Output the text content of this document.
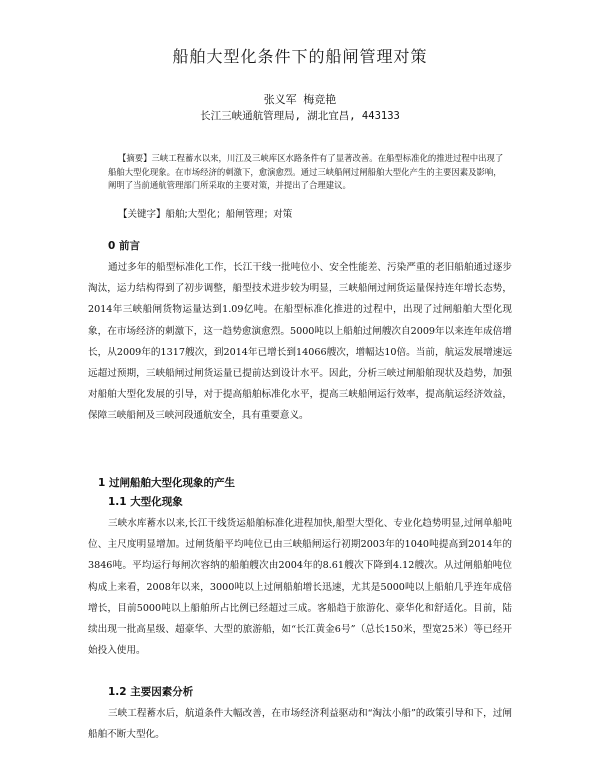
船舶大型化条件下的船闸管理对策
张义军 梅竞艳
长江三峡通航管理局, 湖北宜昌, 443133
【摘要】三峡工程蓄水以来，川江及三峡库区水路条件有了显著改善。在船型标准化的推进过程中出现了船舶大型化现象。在市场经济的刺激下，愈演愈烈。通过三峡船闸过闸船舶大型化产生的主要因素及影响，阐明了当前通航管理部门所采取的主要对策，并提出了合理建议。
【关键字】船舶;大型化；船闸管理；对策
0 前言
通过多年的船型标准化工作，长江干线一批吨位小、安全性能差、污染严重的老旧船舶通过逐步淘汰，运力结构得到了初步调整，船型技术进步较为明显，三峡船闸过闸货运量保持连年增长态势，2014年三峡船闸货物运量达到1.09亿吨。在船型标准化推进的过程中，出现了过闸船舶大型化现象，在市场经济的刺激下，这一趋势愈演愈烈。5000吨以上船舶过闸艘次自2009年以来连年成倍增长，从2009年的1317艘次，到2014年已增长到14066艘次，增幅达10倍。当前，航运发展增速远远超过预期，三峡船闸过闸货运量已提前达到设计水平。因此，分析三峡过闸船舶现状及趋势，加强对船舶大型化发展的引导，对于提高船舶标准化水平，提高三峡船闸运行效率，提高航运经济效益，保障三峡船闸及三峡河段通航安全，具有重要意义。
1 过闸船舶大型化现象的产生
1.1 大型化现象
三峡水库蓄水以来,长江干线货运船舶标准化进程加快,船型大型化、专业化趋势明显,过闸单船吨位、主尺度明显增加。过闸货船平均吨位已由三峡船闸运行初期2003年的1040吨提高到2014年的3846吨。平均运行每闸次容纳的船舶艘次由2004年的8.61艘次下降到4.12艘次。从过闸船舶吨位构成上来看，2008年以来，3000吨以上过闸船舶增长迅速，尤其是5000吨以上船舶几乎连年成倍增长，目前5000吨以上船舶所占比例已经超过三成。客船趋于旅游化、豪华化和舒适化。目前，陆续出现一批高星级、超豪华、大型的旅游船，如“长江黄金6号”（总长150米，型宽25米）等已经开始投入使用。
1.2 主要因素分析
三峡工程蓄水后，航道条件大幅改善，在市场经济利益驱动和“淘汰小船”的政策引导和下，过闸船舶不断大型化。
